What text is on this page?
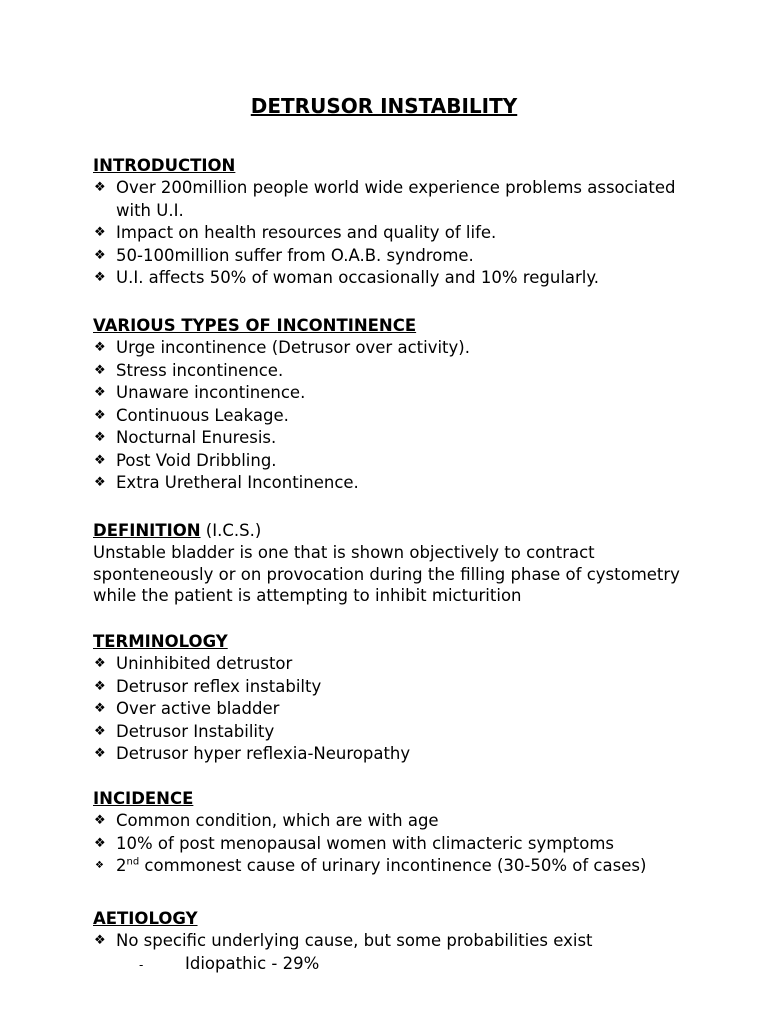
DETRUSOR INSTABILITY
INTRODUCTION
❖ Over 200million people world wide experience problems associated with U.I.
❖ Impact on health resources and quality of life.
❖ 50-100million suffer from O.A.B. syndrome.
❖ U.I. affects 50% of woman occasionally and 10% regularly.
VARIOUS TYPES OF INCONTINENCE
❖ Urge incontinence (Detrusor over activity).
❖ Stress incontinence.
❖ Unaware incontinence.
❖ Continuous Leakage.
❖ Nocturnal Enuresis.
❖ Post Void Dribbling.
❖ Extra Uretheral Incontinence.
DEFINITION (I.C.S.)
Unstable bladder is one that is shown objectively to contract sponteneously or on provocation during the filling phase of cystometry while the patient is attempting to inhibit micturition
TERMINOLOGY
❖ Uninhibited detrustor
❖ Detrusor reflex instabilty
❖ Over active bladder
❖ Detrusor Instability
❖ Detrusor hyper reflexia-Neuropathy
INCIDENCE
❖ Common condition, which are with age
❖ 10% of post menopausal women with climacteric symptoms
❖ 2nd commonest cause of urinary incontinence (30-50% of cases)
AETIOLOGY
❖ No specific underlying cause, but some probabilities exist
-	Idiopathic - 29%
